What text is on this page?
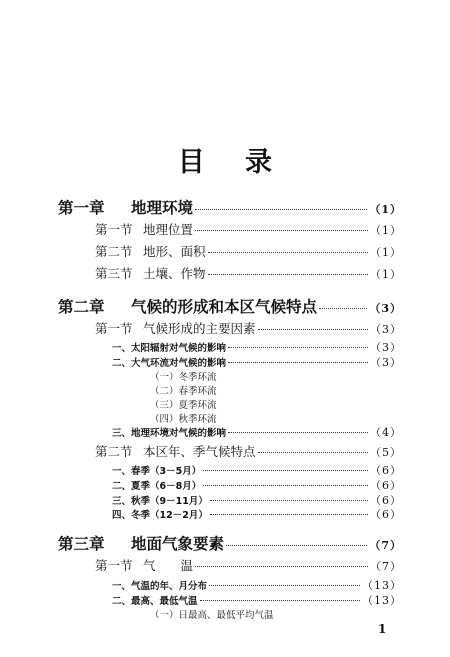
目 录
第一章 地理环境	（1）
第一节 地理位置	（1）
第二节 地形、面积	（1）
第三节 土壤、作物	（1）
第二章 气候的形成和本区气候特点	（3）
第一节 气候形成的主要因素	（3）
一、太阳辐射对气候的影响	（3）
二、大气环流对气候的影响	（3）
（一）冬季环流
（二）春季环流
（三）夏季环流
（四）秋季环流
三、地理环境对气候的影响	（4）
第二节 本区年、季气候特点	（5）
一、春季（3－5月）	（6）
二、夏季（6－8月）	（6）
三、秋季（9－11月）	（6）
四、冬季（12－2月）	（6）
第三章 地面气象要素	（7）
第一节 气　　温	（7）
一、气温的年、月分布	（13）
二、最高、最低气温	（13）
（一）日最高、最低平均气温
1
